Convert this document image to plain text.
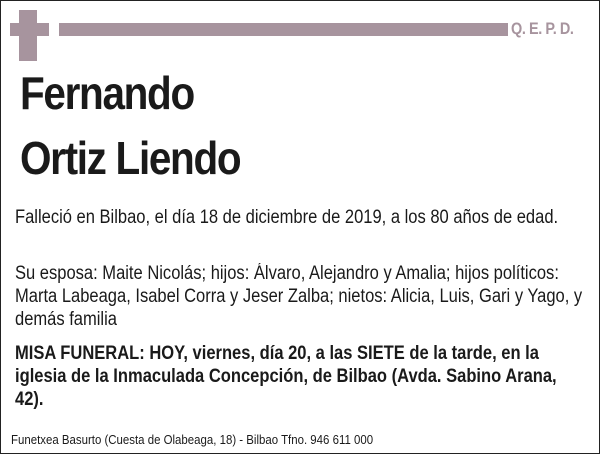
Q. E. P. D.
Fernando
Ortiz Liendo
Falleció en Bilbao, el día 18 de diciembre de 2019, a los 80 años de edad.
Su esposa: Maite Nicolás; hijos: Álvaro, Alejandro y Amalia; hijos políticos: Marta Labeaga, Isabel Corra y Jeser Zalba; nietos: Alicia, Luis, Gari y Yago, y demás familia
MISA FUNERAL: HOY, viernes, día 20, a las SIETE de la tarde, en la iglesia de la Inmaculada Concepción, de Bilbao (Avda. Sabino Arana, 42).
Funetxea Basurto (Cuesta de Olabeaga, 18) - Bilbao Tfno. 946 611 000
